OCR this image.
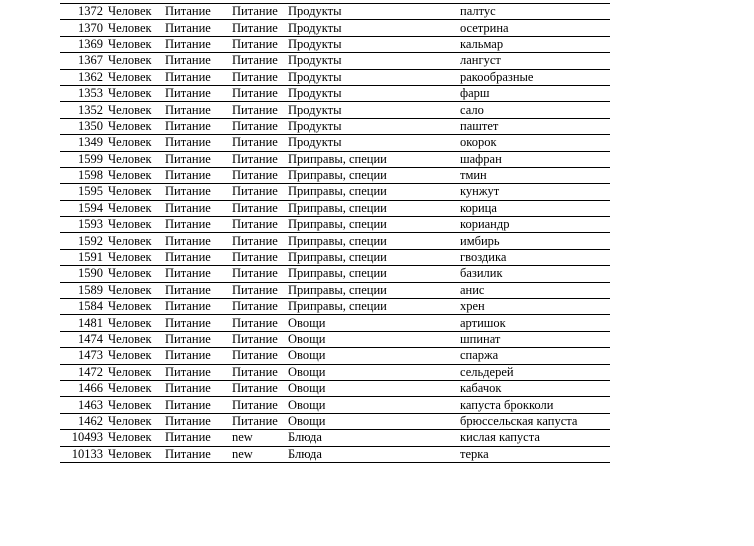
1372 Человек	Питание	Питание	Продукты	палтус
1370 Человек	Питание	Питание	Продукты	осетрина
1369 Человек	Питание	Питание	Продукты	кальмар
1367 Человек	Питание	Питание	Продукты	лангуст
1362 Человек	Питание	Питание	Продукты	ракообразные
1353 Человек	Питание	Питание	Продукты	фарш
1352 Человек	Питание	Питание	Продукты	сало
1350 Человек	Питание	Питание	Продукты	паштет
1349 Человек	Питание	Питание	Продукты	окорок
1599 Человек	Питание	Питание	Приправы, специи	шафран
1598 Человек	Питание	Питание	Приправы, специи	тмин
1595 Человек	Питание	Питание	Приправы, специи	кунжут
1594 Человек	Питание	Питание	Приправы, специи	корица
1593 Человек	Питание	Питание	Приправы, специи	кориандр
1592 Человек	Питание	Питание	Приправы, специи	имбирь
1591 Человек	Питание	Питание	Приправы, специи	гвоздика
1590 Человек	Питание	Питание	Приправы, специи	базилик
1589 Человек	Питание	Питание	Приправы, специи	анис
1584 Человек	Питание	Питание	Приправы, специи	хрен
1481 Человек	Питание	Питание	Овощи	артишок
1474 Человек	Питание	Питание	Овощи	шпинат
1473 Человек	Питание	Питание	Овощи	спаржа
1472 Человек	Питание	Питание	Овощи	сельдерей
1466 Человек	Питание	Питание	Овощи	кабачок
1463 Человек	Питание	Питание	Овощи	капуста брокколи
1462 Человек	Питание	Питание	Овощи	брюссельская капуста
10493 Человек	Питание	new	Блюда	кислая капуста
10133 Человек	Питание	new	Блюда	терка
